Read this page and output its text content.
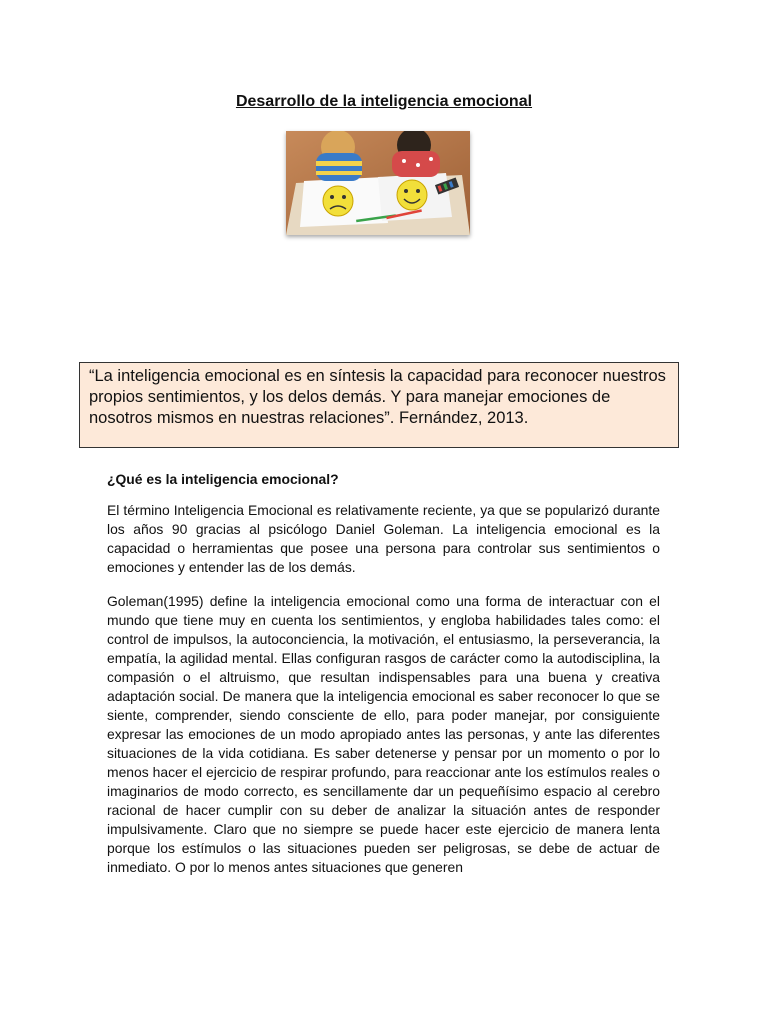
Desarrollo de la inteligencia emocional
“La inteligencia emocional es en síntesis la capacidad para reconocer nuestros propios sentimientos, y los delos demás. Y para manejar emociones de nosotros mismos en nuestras relaciones”. Fernández, 2013.

¿Qué es la inteligencia emocional?

El término Inteligencia Emocional es relativamente reciente, ya que se popularizó durante los años 90 gracias al psicólogo Daniel Goleman. La inteligencia emocional es la capacidad o herramientas que posee una persona para controlar sus sentimientos o emociones y entender las de los demás.

Goleman(1995) define la inteligencia emocional como una forma de interactuar con el mundo que tiene muy en cuenta los sentimientos, y engloba habilidades tales como: el control de impulsos, la autoconciencia, la motivación, el entusiasmo, la perseverancia, la empatía, la agilidad mental. Ellas configuran rasgos de carácter como la autodisciplina, la compasión o el altruismo, que resultan indispensables para una buena y creativa adaptación social. De manera que la inteligencia emocional es saber reconocer lo que se siente, comprender, siendo consciente de ello, para poder manejar, por consiguiente expresar las emociones de un modo apropiado antes las personas, y ante las diferentes situaciones de la vida cotidiana. Es saber detenerse y pensar por un momento o por lo menos hacer el ejercicio de respirar profundo, para reaccionar ante los estímulos reales o imaginarios de modo correcto, es sencillamente dar un pequeñísimo espacio al cerebro racional de hacer cumplir con su deber de analizar la situación antes de responder impulsivamente. Claro que no siempre se puede hacer este ejercicio de manera lenta porque los estímulos o las situaciones pueden ser peligrosas, se debe de actuar de inmediato. O por lo menos antes situaciones que generen
